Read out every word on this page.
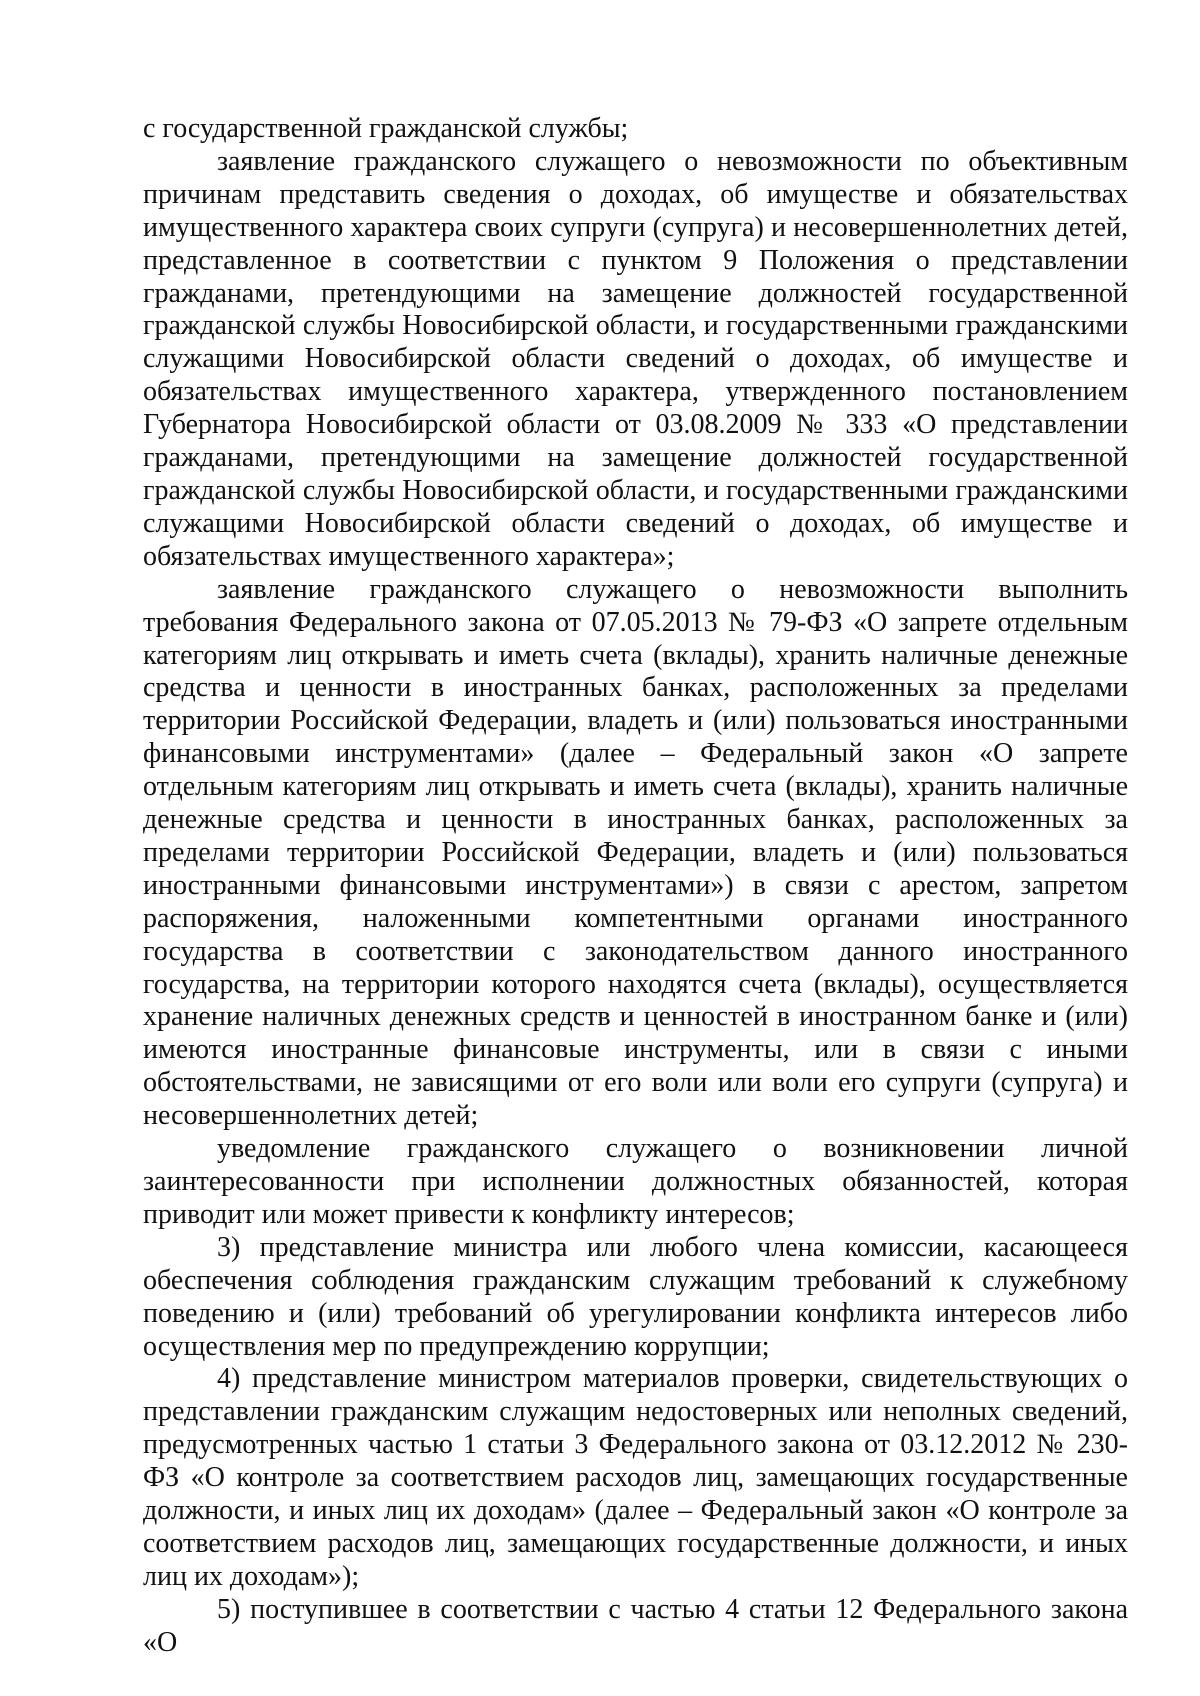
с государственной гражданской службы;

заявление гражданского служащего о невозможности по объективным причинам представить сведения о доходах, об имуществе и обязательствах имущественного характера своих супруги (супруга) и несовершеннолетних детей, представленное в соответствии с пунктом 9 Положения о представлении гражданами, претендующими на замещение должностей государственной гражданской службы Новосибирской области, и государственными гражданскими служащими Новосибирской области сведений о доходах, об имуществе и обязательствах имущественного характера, утвержденного постановлением Губернатора Новосибирской области от 03.08.2009 № 333 «О представлении гражданами, претендующими на замещение должностей государственной гражданской службы Новосибирской области, и государственными гражданскими служащими Новосибирской области сведений о доходах, об имуществе и обязательствах имущественного характера»;

заявление гражданского служащего о невозможности выполнить требования Федерального закона от 07.05.2013 № 79-ФЗ «О запрете отдельным категориям лиц открывать и иметь счета (вклады), хранить наличные денежные средства и ценности в иностранных банках, расположенных за пределами территории Российской Федерации, владеть и (или) пользоваться иностранными финансовыми инструментами» (далее – Федеральный закон «О запрете отдельным категориям лиц открывать и иметь счета (вклады), хранить наличные денежные средства и ценности в иностранных банках, расположенных за пределами территории Российской Федерации, владеть и (или) пользоваться иностранными финансовыми инструментами») в связи с арестом, запретом распоряжения, наложенными компетентными органами иностранного государства в соответствии с законодательством данного иностранного государства, на территории которого находятся счета (вклады), осуществляется хранение наличных денежных средств и ценностей в иностранном банке и (или) имеются иностранные финансовые инструменты, или в связи с иными обстоятельствами, не зависящими от его воли или воли его супруги (супруга) и несовершеннолетних детей;

уведомление гражданского служащего о возникновении личной заинтересованности при исполнении должностных обязанностей, которая приводит или может привести к конфликту интересов;

3) представление министра или любого члена комиссии, касающееся обеспечения соблюдения гражданским служащим требований к служебному поведению и (или) требований об урегулировании конфликта интересов либо осуществления мер по предупреждению коррупции;

4) представление министром материалов проверки, свидетельствующих о представлении гражданским служащим недостоверных или неполных сведений, предусмотренных частью 1 статьи 3 Федерального закона от 03.12.2012 № 230-ФЗ «О контроле за соответствием расходов лиц, замещающих государственные должности, и иных лиц их доходам» (далее – Федеральный закон «О контроле за соответствием расходов лиц, замещающих государственные должности, и иных лиц их доходам»);

5) поступившее в соответствии с частью 4 статьи 12 Федерального закона «О
